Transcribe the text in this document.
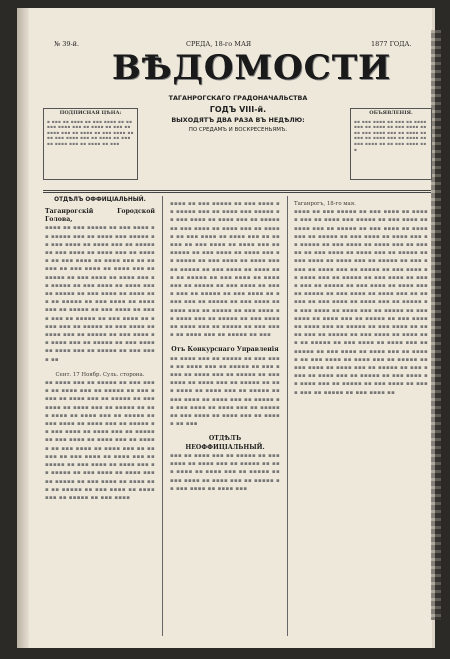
№ 39-й.	СРЕДА, 18-го МАЯ	1877 ГОДА.
ВѢДОМОСТИ
ТАГАНРОГСКАГО ГРАДОНАЧАЛЬСТВА
ГОДЪ VIII-й.
ВЫХОДЯТЪ ДВА РАЗА ВЪ НЕДѢЛЮ:
ПО СРЕДАМЪ И ВОСКРЕСЕНЬЯМЪ.
ПОДПИСНАЯ ЦѢНА:
▪ ▪▪▪ ▪▪ ▪▪▪▪ ▪▪ ▪▪▪ ▪▪▪▪ ▪▪ ▪▪ ▪▪▪ ▪▪▪▪ ▪▪▪ ▪▪ ▪▪▪▪ ▪▪ ▪▪▪ ▪▪ ▪▪▪▪ ▪▪▪ ▪▪ ▪▪▪▪ ▪▪ ▪▪▪ ▪▪▪▪ ▪▪ ▪▪ ▪▪▪ ▪▪▪▪ ▪▪▪ ▪▪ ▪▪▪▪ ▪▪ ▪▪▪ ▪▪ ▪▪▪▪ ▪▪▪ ▪▪ ▪▪▪▪ ▪▪ ▪▪▪
ОБЪЯВЛЕНІЯ.
▪▪ ▪▪▪ ▪▪▪▪ ▪▪ ▪▪▪ ▪▪ ▪▪▪▪ ▪▪▪ ▪▪ ▪▪▪▪ ▪▪ ▪▪▪ ▪▪▪▪ ▪▪ ▪▪ ▪▪▪ ▪▪▪▪ ▪▪▪ ▪▪ ▪▪▪▪ ▪▪ ▪▪▪ ▪▪ ▪▪▪▪ ▪▪▪ ▪▪ ▪▪▪▪ ▪▪ ▪▪▪ ▪▪▪▪ ▪▪ ▪▪ ▪▪▪ ▪▪▪▪ ▪▪▪
ОТДѢЛЪ ОФФИЦІАЛЬНЫЙ.
Таганрогскій Городской Голова,
▪▪▪▪ ▪▪ ▪▪▪ ▪▪▪▪▪ ▪▪ ▪▪▪ ▪▪▪▪ ▪▪ ▪▪▪▪▪ ▪▪▪ ▪▪ ▪▪▪▪ ▪▪▪ ▪▪▪▪▪ ▪▪ ▪▪▪ ▪▪▪▪ ▪▪ ▪▪▪▪ ▪▪▪ ▪▪ ▪▪▪▪▪ ▪▪ ▪▪▪ ▪▪▪▪ ▪▪ ▪▪▪▪ ▪▪▪ ▪▪ ▪▪▪▪▪ ▪▪ ▪▪▪ ▪▪▪▪ ▪▪ ▪▪▪▪ ▪▪▪ ▪▪ ▪▪▪▪▪ ▪▪ ▪▪▪ ▪▪▪▪ ▪▪ ▪▪▪▪ ▪▪▪ ▪▪ ▪▪▪▪▪ ▪▪ ▪▪▪ ▪▪▪▪ ▪▪ ▪▪▪▪ ▪▪▪ ▪▪ ▪▪▪▪▪ ▪▪ ▪▪▪ ▪▪▪▪ ▪▪ ▪▪▪▪ ▪▪▪ ▪▪ ▪▪▪▪▪ ▪▪ ▪▪▪ ▪▪▪▪ ▪▪ ▪▪▪▪ ▪▪▪ ▪▪ ▪▪▪▪▪ ▪▪ ▪▪▪ ▪▪▪▪ ▪▪ ▪▪▪▪ ▪▪▪ ▪▪ ▪▪▪▪▪ ▪▪ ▪▪▪ ▪▪▪▪ ▪▪ ▪▪▪▪ ▪▪▪ ▪▪ ▪▪▪▪▪ ▪▪ ▪▪▪ ▪▪▪▪ ▪▪ ▪▪▪▪ ▪▪▪ ▪▪ ▪▪▪▪▪ ▪▪ ▪▪▪ ▪▪▪▪ ▪▪ ▪▪▪▪ ▪▪▪ ▪▪ ▪▪▪▪▪ ▪▪ ▪▪▪ ▪▪▪▪ ▪▪ ▪▪▪▪ ▪▪▪ ▪▪ ▪▪▪▪▪ ▪▪ ▪▪▪ ▪▪▪▪ ▪▪ ▪▪▪▪ ▪▪▪ ▪▪ ▪▪▪▪▪ ▪▪ ▪▪▪ ▪▪▪▪ ▪▪
Сент. 17 Ноябр. Суль. сторона.
▪▪ ▪▪▪▪ ▪▪▪ ▪▪ ▪▪▪▪▪ ▪▪ ▪▪▪ ▪▪▪▪ ▪▪ ▪▪▪▪ ▪▪▪ ▪▪ ▪▪▪▪▪ ▪▪ ▪▪▪ ▪▪▪▪ ▪▪ ▪▪▪▪ ▪▪▪ ▪▪ ▪▪▪▪▪ ▪▪ ▪▪▪ ▪▪▪▪ ▪▪ ▪▪▪▪ ▪▪▪ ▪▪ ▪▪▪▪▪ ▪▪ ▪▪▪ ▪▪▪▪ ▪▪ ▪▪▪▪ ▪▪▪ ▪▪ ▪▪▪▪▪ ▪▪ ▪▪▪ ▪▪▪▪ ▪▪ ▪▪▪▪ ▪▪▪ ▪▪ ▪▪▪▪▪ ▪▪ ▪▪▪ ▪▪▪▪ ▪▪ ▪▪▪▪ ▪▪▪ ▪▪ ▪▪▪▪▪ ▪▪ ▪▪▪ ▪▪▪▪ ▪▪ ▪▪▪▪ ▪▪▪ ▪▪ ▪▪▪▪▪ ▪▪ ▪▪▪ ▪▪▪▪ ▪▪ ▪▪▪▪ ▪▪▪ ▪▪ ▪▪▪▪▪ ▪▪ ▪▪▪ ▪▪▪▪ ▪▪ ▪▪▪▪ ▪▪▪ ▪▪ ▪▪▪▪▪ ▪▪ ▪▪▪ ▪▪▪▪ ▪▪ ▪▪▪▪ ▪▪▪ ▪▪ ▪▪▪▪▪ ▪▪ ▪▪▪ ▪▪▪▪ ▪▪ ▪▪▪▪ ▪▪▪ ▪▪ ▪▪▪▪▪ ▪▪ ▪▪▪ ▪▪▪▪ ▪▪ ▪▪▪▪ ▪▪▪ ▪▪ ▪▪▪▪▪ ▪▪ ▪▪▪ ▪▪▪▪ ▪▪ ▪▪▪▪ ▪▪▪ ▪▪ ▪▪▪▪▪ ▪▪ ▪▪▪ ▪▪▪▪
▪▪▪▪ ▪▪ ▪▪▪ ▪▪▪▪▪ ▪▪ ▪▪▪ ▪▪▪▪ ▪▪ ▪▪▪▪▪ ▪▪▪ ▪▪ ▪▪▪▪ ▪▪▪ ▪▪▪▪▪ ▪▪ ▪▪▪ ▪▪▪▪ ▪▪ ▪▪▪▪ ▪▪▪ ▪▪ ▪▪▪▪▪ ▪▪ ▪▪▪ ▪▪▪▪ ▪▪ ▪▪▪▪ ▪▪▪ ▪▪ ▪▪▪▪▪ ▪▪ ▪▪▪ ▪▪▪▪ ▪▪ ▪▪▪▪ ▪▪▪ ▪▪ ▪▪▪▪▪ ▪▪ ▪▪▪ ▪▪▪▪ ▪▪ ▪▪▪▪ ▪▪▪ ▪▪ ▪▪▪▪▪ ▪▪ ▪▪▪ ▪▪▪▪ ▪▪ ▪▪▪▪ ▪▪▪ ▪▪ ▪▪▪▪▪ ▪▪ ▪▪▪ ▪▪▪▪ ▪▪ ▪▪▪▪ ▪▪▪ ▪▪ ▪▪▪▪▪ ▪▪ ▪▪▪ ▪▪▪▪ ▪▪ ▪▪▪▪ ▪▪▪ ▪▪ ▪▪▪▪▪ ▪▪ ▪▪▪ ▪▪▪▪ ▪▪ ▪▪▪▪ ▪▪▪ ▪▪ ▪▪▪▪▪ ▪▪ ▪▪▪ ▪▪▪▪ ▪▪ ▪▪▪▪ ▪▪▪ ▪▪ ▪▪▪▪▪ ▪▪ ▪▪▪ ▪▪▪▪ ▪▪ ▪▪▪▪ ▪▪▪ ▪▪ ▪▪▪▪▪ ▪▪ ▪▪▪ ▪▪▪▪ ▪▪ ▪▪▪▪ ▪▪▪ ▪▪ ▪▪▪▪▪ ▪▪ ▪▪▪ ▪▪▪▪ ▪▪ ▪▪▪▪ ▪▪▪ ▪▪ ▪▪▪▪▪ ▪▪ ▪▪▪ ▪▪▪▪ ▪▪ ▪▪▪▪ ▪▪▪ ▪▪ ▪▪▪▪▪ ▪▪ ▪▪▪ ▪▪▪▪ ▪▪ ▪▪▪▪ ▪▪▪ ▪▪ ▪▪▪▪▪ ▪▪ ▪▪▪
Отъ Конкурснаго Управленія
▪▪ ▪▪▪▪ ▪▪▪ ▪▪ ▪▪▪▪▪ ▪▪ ▪▪▪ ▪▪▪▪ ▪▪ ▪▪▪▪ ▪▪▪ ▪▪ ▪▪▪▪▪ ▪▪ ▪▪▪ ▪▪▪▪ ▪▪ ▪▪▪▪ ▪▪▪ ▪▪ ▪▪▪▪▪ ▪▪ ▪▪▪ ▪▪▪▪ ▪▪ ▪▪▪▪ ▪▪▪ ▪▪ ▪▪▪▪▪ ▪▪ ▪▪▪ ▪▪▪▪ ▪▪ ▪▪▪▪ ▪▪▪ ▪▪ ▪▪▪▪▪ ▪▪ ▪▪▪ ▪▪▪▪ ▪▪ ▪▪▪▪ ▪▪▪ ▪▪ ▪▪▪▪▪ ▪▪ ▪▪▪ ▪▪▪▪ ▪▪ ▪▪▪▪ ▪▪▪ ▪▪ ▪▪▪▪▪ ▪▪ ▪▪▪ ▪▪▪▪ ▪▪ ▪▪▪▪ ▪▪▪ ▪▪ ▪▪▪▪▪ ▪▪ ▪▪▪
ОТДѢЛЪ НЕОФФИЦІАЛЬНЫЙ.
▪▪▪ ▪▪ ▪▪▪▪ ▪▪▪ ▪▪ ▪▪▪▪▪ ▪▪ ▪▪▪ ▪▪▪▪ ▪▪ ▪▪▪▪ ▪▪▪ ▪▪ ▪▪▪▪▪ ▪▪ ▪▪▪ ▪▪▪▪ ▪▪ ▪▪▪▪ ▪▪▪ ▪▪ ▪▪▪▪▪ ▪▪ ▪▪▪ ▪▪▪▪ ▪▪ ▪▪▪▪ ▪▪▪ ▪▪ ▪▪▪▪▪ ▪▪ ▪▪▪ ▪▪▪▪ ▪▪ ▪▪▪▪ ▪▪▪
Таганрогъ, 18-го мая.
▪▪▪▪ ▪▪ ▪▪▪ ▪▪▪▪▪ ▪▪ ▪▪▪ ▪▪▪▪ ▪▪ ▪▪▪▪▪ ▪▪▪ ▪▪ ▪▪▪▪ ▪▪▪ ▪▪▪▪▪ ▪▪ ▪▪▪ ▪▪▪▪ ▪▪ ▪▪▪▪ ▪▪▪ ▪▪ ▪▪▪▪▪ ▪▪ ▪▪▪ ▪▪▪▪ ▪▪ ▪▪▪▪ ▪▪▪ ▪▪ ▪▪▪▪▪ ▪▪ ▪▪▪ ▪▪▪▪ ▪▪ ▪▪▪▪ ▪▪▪ ▪▪ ▪▪▪▪▪ ▪▪ ▪▪▪ ▪▪▪▪ ▪▪ ▪▪▪▪ ▪▪▪ ▪▪ ▪▪▪▪▪ ▪▪ ▪▪▪ ▪▪▪▪ ▪▪ ▪▪▪▪ ▪▪▪ ▪▪ ▪▪▪▪▪ ▪▪ ▪▪▪ ▪▪▪▪ ▪▪ ▪▪▪▪ ▪▪▪ ▪▪ ▪▪▪▪▪ ▪▪ ▪▪▪ ▪▪▪▪ ▪▪ ▪▪▪▪ ▪▪▪ ▪▪ ▪▪▪▪▪ ▪▪ ▪▪▪ ▪▪▪▪ ▪▪ ▪▪▪▪ ▪▪▪ ▪▪ ▪▪▪▪▪ ▪▪ ▪▪▪ ▪▪▪▪ ▪▪ ▪▪▪▪ ▪▪▪ ▪▪ ▪▪▪▪▪ ▪▪ ▪▪▪ ▪▪▪▪ ▪▪ ▪▪▪▪ ▪▪▪ ▪▪ ▪▪▪▪▪ ▪▪ ▪▪▪ ▪▪▪▪ ▪▪ ▪▪▪▪ ▪▪▪ ▪▪ ▪▪▪▪▪ ▪▪ ▪▪▪ ▪▪▪▪ ▪▪ ▪▪▪▪ ▪▪▪ ▪▪ ▪▪▪▪▪ ▪▪ ▪▪▪ ▪▪▪▪ ▪▪ ▪▪▪▪ ▪▪▪ ▪▪ ▪▪▪▪▪ ▪▪ ▪▪▪ ▪▪▪▪ ▪▪ ▪▪▪▪ ▪▪▪ ▪▪ ▪▪▪▪▪ ▪▪ ▪▪▪ ▪▪▪▪ ▪▪ ▪▪▪▪ ▪▪▪ ▪▪ ▪▪▪▪▪ ▪▪ ▪▪▪ ▪▪▪▪ ▪▪ ▪▪▪▪ ▪▪▪ ▪▪ ▪▪▪▪▪ ▪▪ ▪▪▪ ▪▪▪▪ ▪▪ ▪▪▪▪ ▪▪▪ ▪▪ ▪▪▪▪▪ ▪▪ ▪▪▪ ▪▪▪▪ ▪▪ ▪▪▪▪ ▪▪▪ ▪▪ ▪▪▪▪▪ ▪▪ ▪▪▪ ▪▪▪▪ ▪▪ ▪▪▪▪ ▪▪▪ ▪▪ ▪▪▪▪▪ ▪▪ ▪▪▪ ▪▪▪▪ ▪▪ ▪▪▪▪ ▪▪▪ ▪▪ ▪▪▪▪▪ ▪▪ ▪▪▪ ▪▪▪▪ ▪▪ ▪▪▪▪ ▪▪▪ ▪▪ ▪▪▪▪▪ ▪▪ ▪▪▪ ▪▪▪▪ ▪▪ ▪▪▪▪ ▪▪▪ ▪▪ ▪▪▪▪▪ ▪▪ ▪▪▪ ▪▪▪▪ ▪▪ ▪▪▪▪ ▪▪▪ ▪▪ ▪▪▪▪▪ ▪▪ ▪▪▪ ▪▪▪▪ ▪▪ ▪▪▪▪ ▪▪▪ ▪▪ ▪▪▪▪▪ ▪▪ ▪▪▪ ▪▪▪▪ ▪▪
